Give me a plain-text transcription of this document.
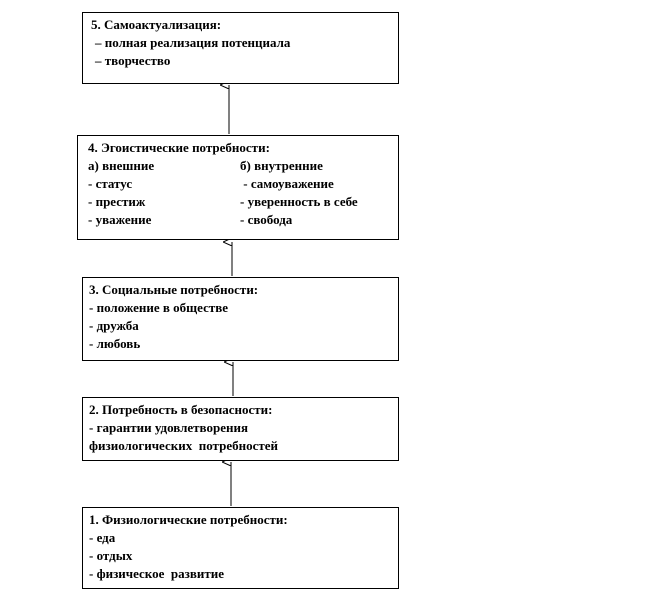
5. Самоактуализация:
– полная реализация потенциала
– творчество
4. Эгоистические потребности:
а) внешние
- статус
- престиж
- уважение
б) внутренние
- самоуважение
- уверенность в себе
- свобода
3. Социальные потребности:
- положение в обществе
- дружба
- любовь
2. Потребность в безопасности:
- гарантии удовлетворения
физиологических  потребностей
1. Физиологические потребности:
- еда
- отдых
- физическое  развитие
